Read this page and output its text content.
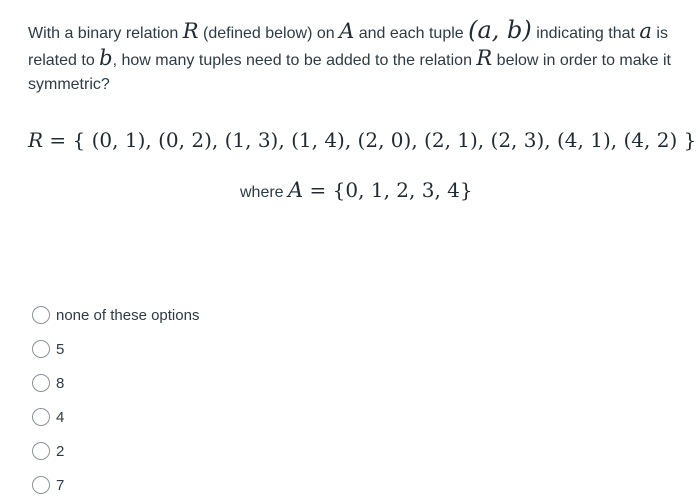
With a binary relation R (defined below) on A and each tuple (a, b) indicating that a is related to b, how many tuples need to be added to the relation R below in order to make it symmetric?
R = { (0, 1), (0, 2), (1, 3), (1, 4), (2, 0), (2, 1), (2, 3), (4, 1), (4, 2) }
where A = {0, 1, 2, 3, 4}
none of these options
5
8
4
2
7
